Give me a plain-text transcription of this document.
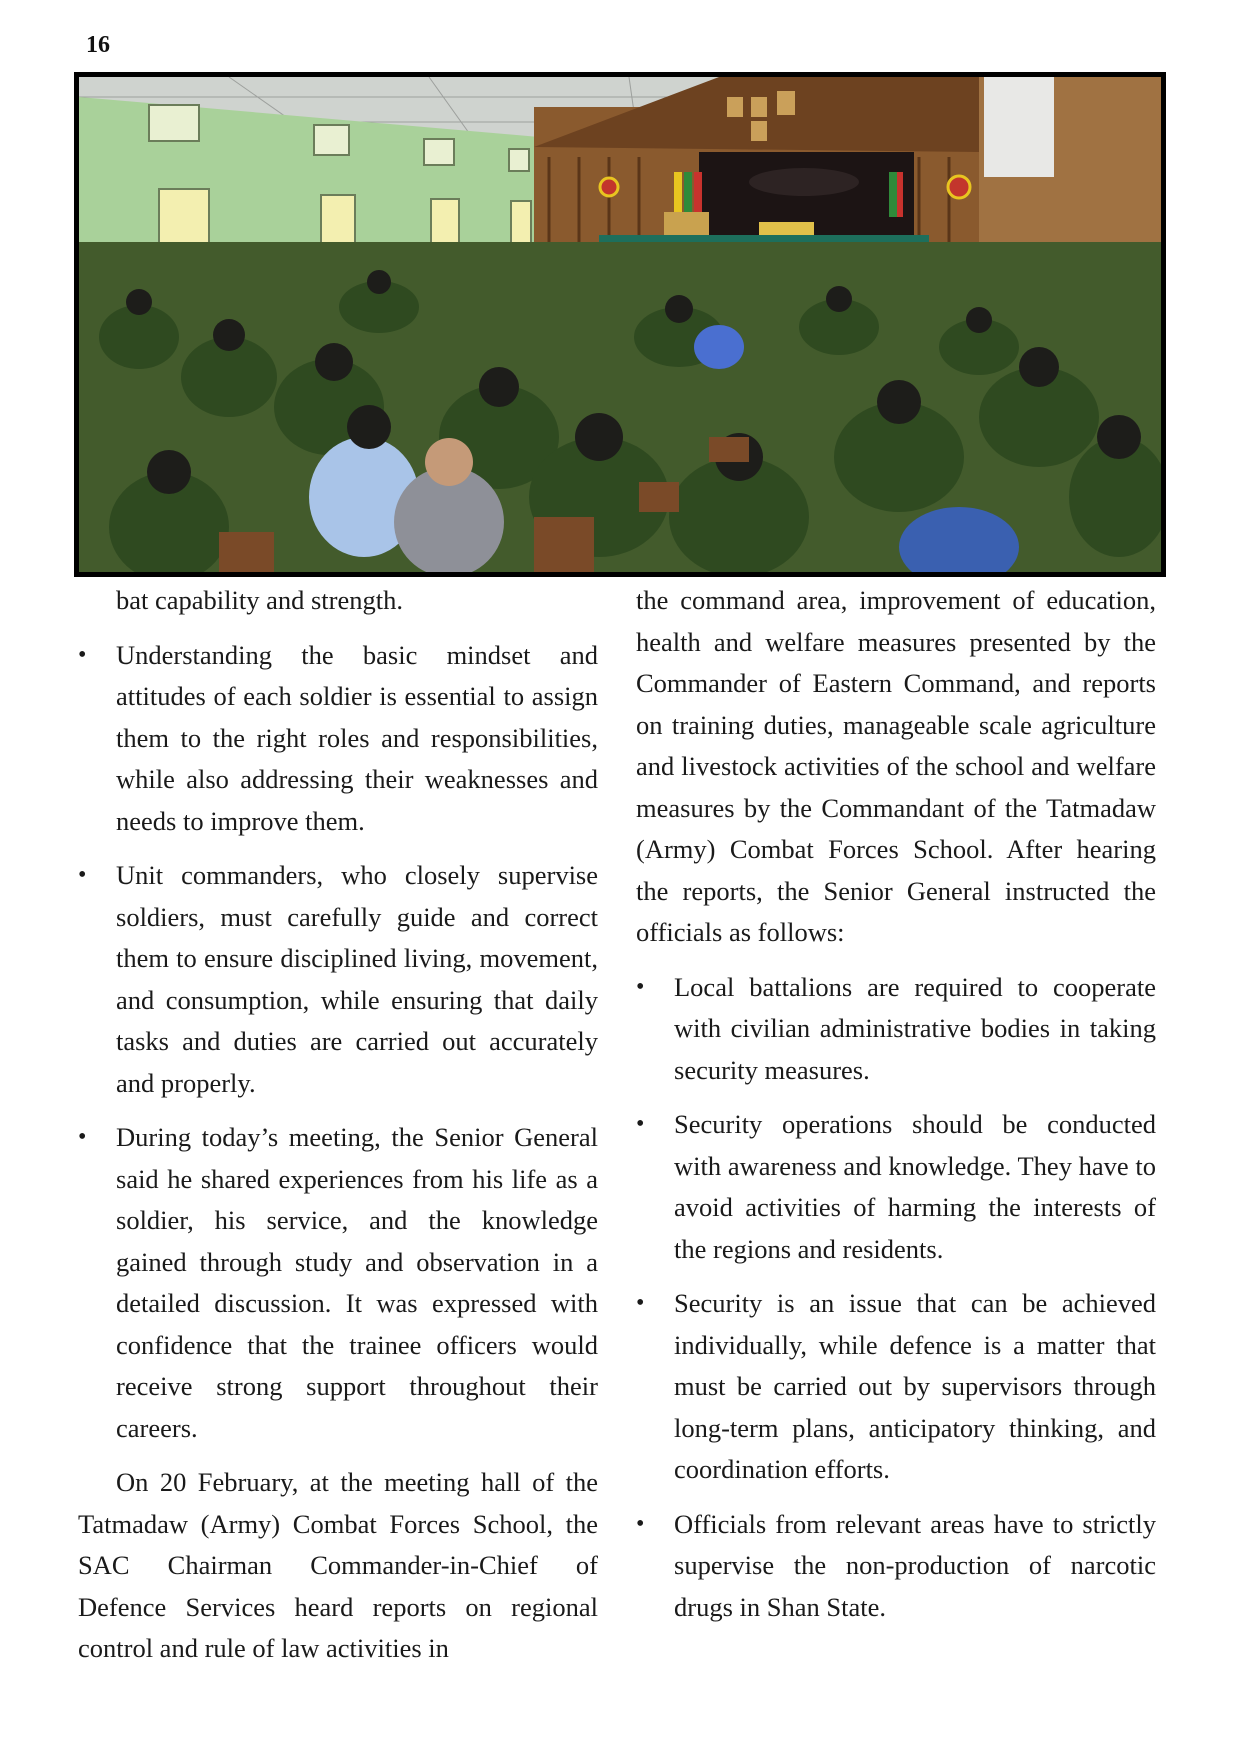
16

bat capability and strength.

• Understanding the basic mindset and attitudes of each soldier is essential to assign them to the right roles and responsibilities, while also addressing their weaknesses and needs to improve them.
• Unit commanders, who closely supervise soldiers, must carefully guide and correct them to ensure disciplined living, movement, and consumption, while ensuring that daily tasks and duties are carried out accurately and properly.
• During today’s meeting, the Senior General said he shared experiences from his life as a soldier, his service, and the knowledge gained through study and observation in a detailed discussion. It was expressed with confidence that the trainee officers would receive strong support throughout their careers.

On 20 February, at the meeting hall of the Tatmadaw (Army) Combat Forces School, the SAC Chairman Commander-in-Chief of Defence Services heard reports on regional control and rule of law activities in

the command area, improvement of education, health and welfare measures presented by the Commander of Eastern Command, and reports on training duties, manageable scale agriculture and livestock activities of the school and welfare measures by the Commandant of the Tatmadaw (Army) Combat Forces School. After hearing the reports, the Senior General instructed the officials as follows:

• Local battalions are required to cooperate with civilian administrative bodies in taking security measures.
• Security operations should be conducted with awareness and knowledge. They have to avoid activities of harming the interests of the regions and residents.
• Security is an issue that can be achieved individually, while defence is a matter that must be carried out by supervisors through long-term plans, anticipatory thinking, and coordination efforts.
• Officials from relevant areas have to strictly supervise the non-production of narcotic drugs in Shan State.
